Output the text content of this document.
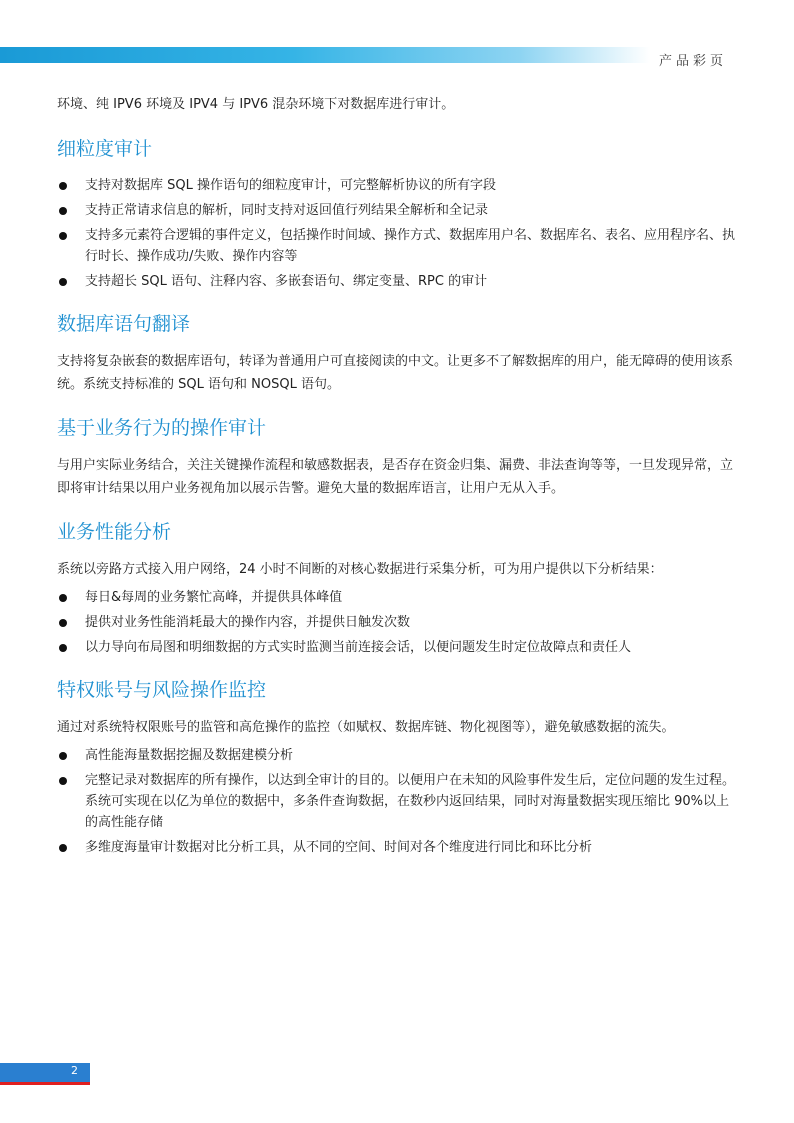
产品彩页

环境、纯 IPV6 环境及 IPV4 与 IPV6 混杂环境下对数据库进行审计。

细粒度审计
支持对数据库 SQL 操作语句的细粒度审计，可完整解析协议的所有字段
支持正常请求信息的解析，同时支持对返回值行列结果全解析和全记录
支持多元素符合逻辑的事件定义，包括操作时间域、操作方式、数据库用户名、数据库名、表名、应用程序名、执行时长、操作成功/失败、操作内容等
支持超长 SQL 语句、注释内容、多嵌套语句、绑定变量、RPC 的审计
数据库语句翻译

支持将复杂嵌套的数据库语句，转译为普通用户可直接阅读的中文。让更多不了解数据库的用户，能无障碍的使用该系统。系统支持标准的 SQL 语句和 NOSQL 语句。

基于业务行为的操作审计

与用户实际业务结合，关注关键操作流程和敏感数据表，是否存在资金归集、漏费、非法查询等等，一旦发现异常，立即将审计结果以用户业务视角加以展示告警。避免大量的数据库语言，让用户无从入手。

业务性能分析

系统以旁路方式接入用户网络，24 小时不间断的对核心数据进行采集分析，可为用户提供以下分析结果：

每日&每周的业务繁忙高峰，并提供具体峰值
提供对业务性能消耗最大的操作内容，并提供日触发次数
以力导向布局图和明细数据的方式实时监测当前连接会话，以便问题发生时定位故障点和责任人
特权账号与风险操作监控

通过对系统特权限账号的监管和高危操作的监控（如赋权、数据库链、物化视图等），避免敏感数据的流失。

高性能海量数据挖掘及数据建模分析
完整记录对数据库的所有操作，以达到全审计的目的。以便用户在未知的风险事件发生后，定位问题的发生过程。系统可实现在以亿为单位的数据中，多条件查询数据，在数秒内返回结果，同时对海量数据实现压缩比 90%以上的高性能存储
多维度海量审计数据对比分析工具，从不同的空间、时间对各个维度进行同比和环比分析
2
